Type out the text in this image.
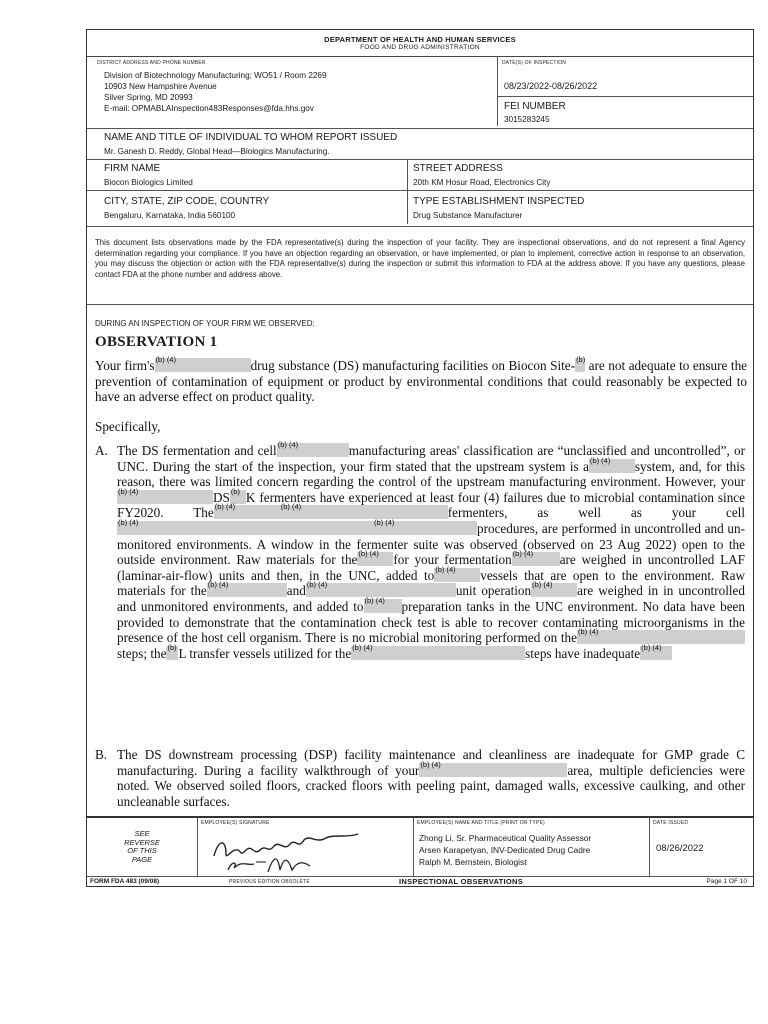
DEPARTMENT OF HEALTH AND HUMAN SERVICES
FOOD AND DRUG ADMINISTRATION
DISTRICT ADDRESS AND PHONE NUMBER
Division of Biotechnology Manufacturing; WO51 / Room 2269
10903 New Hampshire Avenue
Silver Spring, MD 20993
E-mail: OPMABLAInspection483Responses@fda.hhs.gov
DATE(S) OF INSPECTION
08/23/2022-08/26/2022
FEI NUMBER
3015283245
NAME AND TITLE OF INDIVIDUAL TO WHOM REPORT ISSUED
Mr. Ganesh D. Reddy, Global Head—Biologics Manufacturing.
FIRM NAME
Biocon Biologics Limited
STREET ADDRESS
20th KM Hosur Road, Electronics City
CITY, STATE, ZIP CODE, COUNTRY
Bengaluru, Karnataka, India 560100
TYPE ESTABLISHMENT INSPECTED
Drug Substance Manufacturer
This document lists observations made by the FDA representative(s) during the inspection of your facility. They are inspectional observations, and do not represent a final Agency determination regarding your compliance. If you have an objection regarding an observation, or have implemented, or plan to implement, corrective action in response to an observation, you may discuss the objection or action with the FDA representative(s) during the inspection or submit this information to FDA at the address above. If you have any questions, please contact FDA at the phone number and address above.
DURING AN INSPECTION OF YOUR FIRM WE OBSERVED:
OBSERVATION 1
Your firm's (b) (4)	drug substance (DS) manufacturing facilities on Biocon Site- (b) are not adequate to ensure the prevention of contamination of equipment or product by environmental conditions that could reasonably be expected to have an adverse effect on product quality.
Specifically,
A. The DS fermentation and cell (b) (4)	manufacturing areas' classification are “unclassified and uncontrolled”, or UNC. During the start of the inspection, your firm stated that the upstream system is a (b) (4) system, and, for this reason, there was limited concern regarding the control of the upstream manufacturing environment. However, your
(b) (4)	DS (b) K fermenters have experienced at least four (4) failures due to microbial contamination since FY2020. The (b) (4)	(b) (4)	fermenters, as well as your cell
(b) (4)	(b) (4)	procedures, are performed in uncontrolled and un-monitored environments. A window in the fermenter suite was observed (observed on 23 Aug 2022) open to the outside environment. Raw materials for the (b) (4) for your fermentation (b) (4) are weighed in uncontrolled LAF (laminar-air-flow) units and then, in the UNC, added to (b) (4) vessels that are open to the environment. Raw materials for the (b) (4)	and (b) (4)	unit operation (b) (4) are weighed in in uncontrolled and unmonitored environments, and added to (b) (4) preparation tanks in the UNC environment. No data have been provided to demonstrate that the contamination check test is able to recover contaminating microorganisms in the presence of the host cell organism. There is no microbial monitoring performed on the (b) (4)
steps; the (b) L transfer vessels utilized for the (b) (4)	steps have inadequate (b) (4)
B. The DS downstream processing (DSP) facility maintenance and cleanliness are inadequate for GMP grade C manufacturing. During a facility walkthrough of your (b) (4)	area, multiple deficiencies were noted. We observed soiled floors, cracked floors with peeling paint, damaged walls, excessive caulking, and other uncleanable surfaces.
SEE
REVERSE
OF THIS
PAGE
EMPLOYEE(S) SIGNATURE	EMPLOYEE(S) NAME AND TITLE (PRINT OR TYPE)
Zhong Li, Sr. Pharmaceutical Quality Assessor
Arsen Karapetyan, INV-Dedicated Drug Cadre
Ralph M. Bernstein, Biologist
DATE ISSUED
08/26/2022
FORM FDA 483 (09/08)	PREVIOUS EDITION OBSOLETE	INSPECTIONAL OBSERVATIONS	Page 1 OF 10
